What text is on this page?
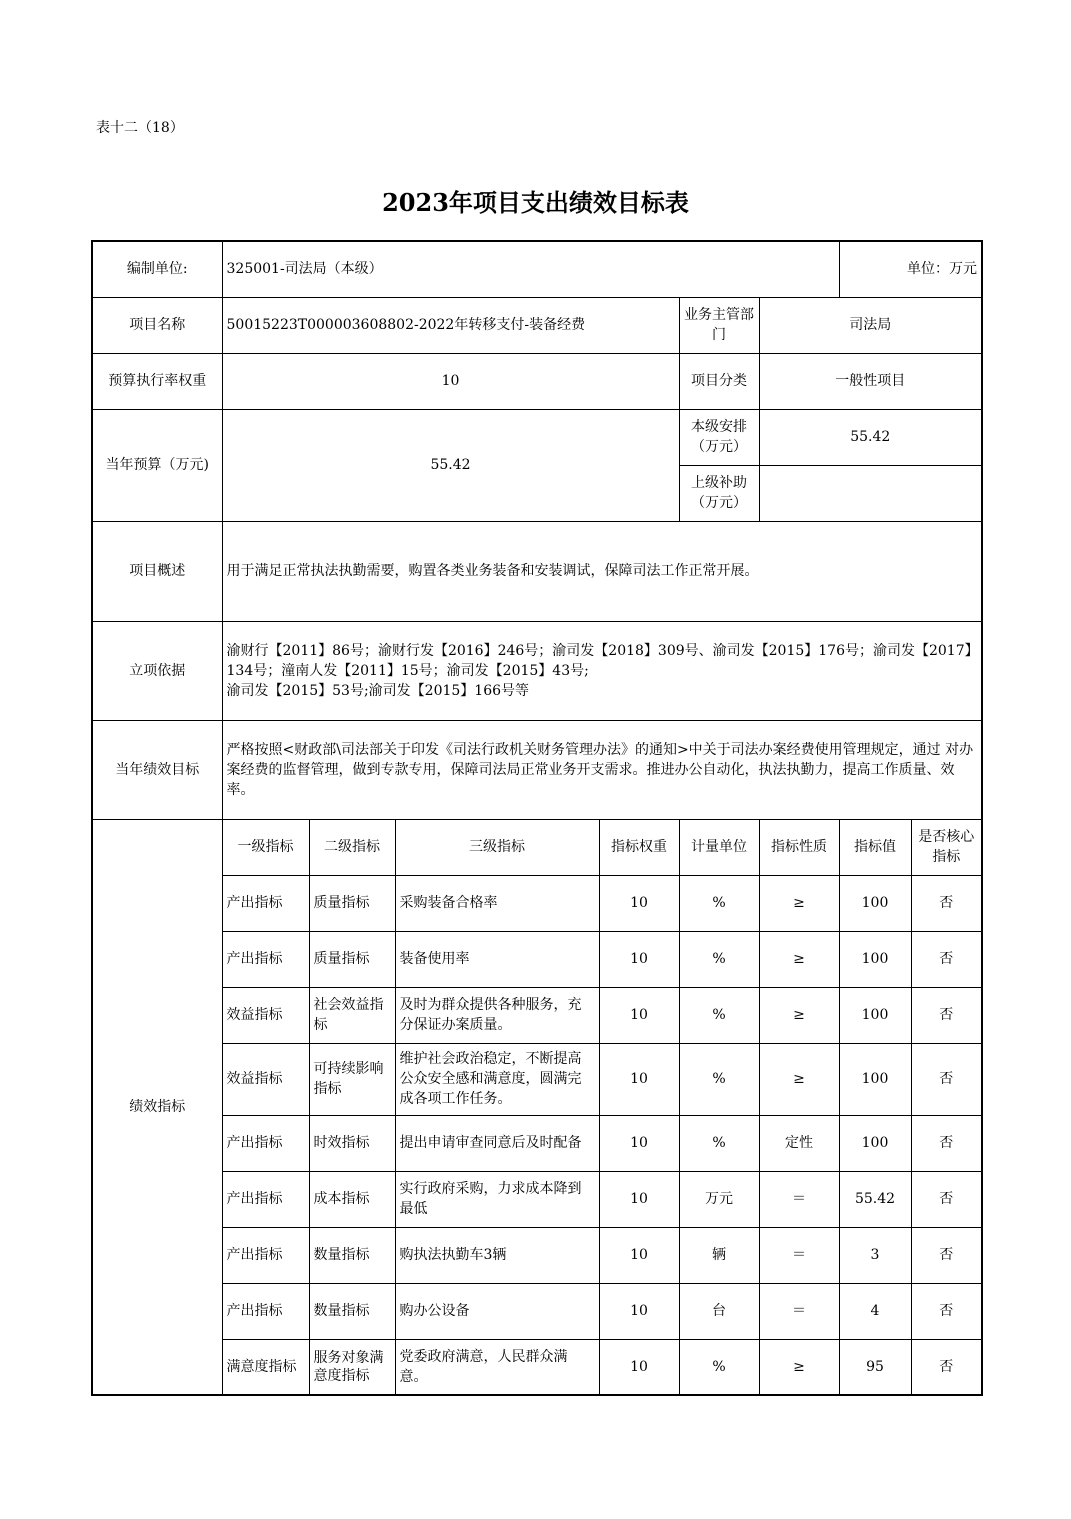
表十二（18）
2023年项目支出绩效目标表
编制单位:	325001-司法局（本级）						单位：万元	
项目名称	50015223T000003608802-2022年转移支付-装备经费				业务主管部门	司法局		
预算执行率权重	10				项目分类	一般性项目		
当年预算（万元)	55.42				本级安排（万元）	55.42		
					上级补助（万元）			
项目概述	用于满足正常执法执勤需要，购置各类业务装备和安装调试，保障司法工作正常开展。							
立项依据	渝财行【2011】86号；渝财行发【2016】246号；渝司发【2018】309号、渝司发【2015】176号；渝司发【2017】134号；潼南人发【2011】15号；渝司发【2015】43号;
渝司发【2015】53号;渝司发【2015】166号等							

当年绩效目标	严格按照<财政部\司法部关于印发《司法行政机关财务管理办法》的通知>中关于司法办案经费使用管理规定，通过 对办案经费的监督管理，做到专款专用，保障司法局正常业务开支需求。推进办公自动化，执法执勤力，提高工作质量、效率。							
绩效指标	一级指标	二级指标	三级指标	指标权重	计量单位	指标性质	指标值	是否核心指标
	产出指标	质量指标	采购装备合格率	10	%	≥	100	否
	产出指标	质量指标	装备使用率	10	%	≥	100	否
	效益指标	社会效益指标	及时为群众提供各种服务，充分保证办案质量。	10	%	≥	100	否
	效益指标	可持续影响指标	维护社会政治稳定，不断提高公众安全感和满意度，圆满完成各项工作任务。	10	%	≥	100	否
	产出指标	时效指标	提出申请审查同意后及时配备	10	%	定性	100	否
	产出指标	成本指标	实行政府采购，力求成本降到最低	10	万元	＝	55.42	否
	产出指标	数量指标	购执法执勤车3辆	10	辆	＝	3	否
	产出指标	数量指标	购办公设备	10	台	＝	4	否
	满意度指标	服务对象满意度指标	党委政府满意，人民群众满意。	10	%	≥	95	否
